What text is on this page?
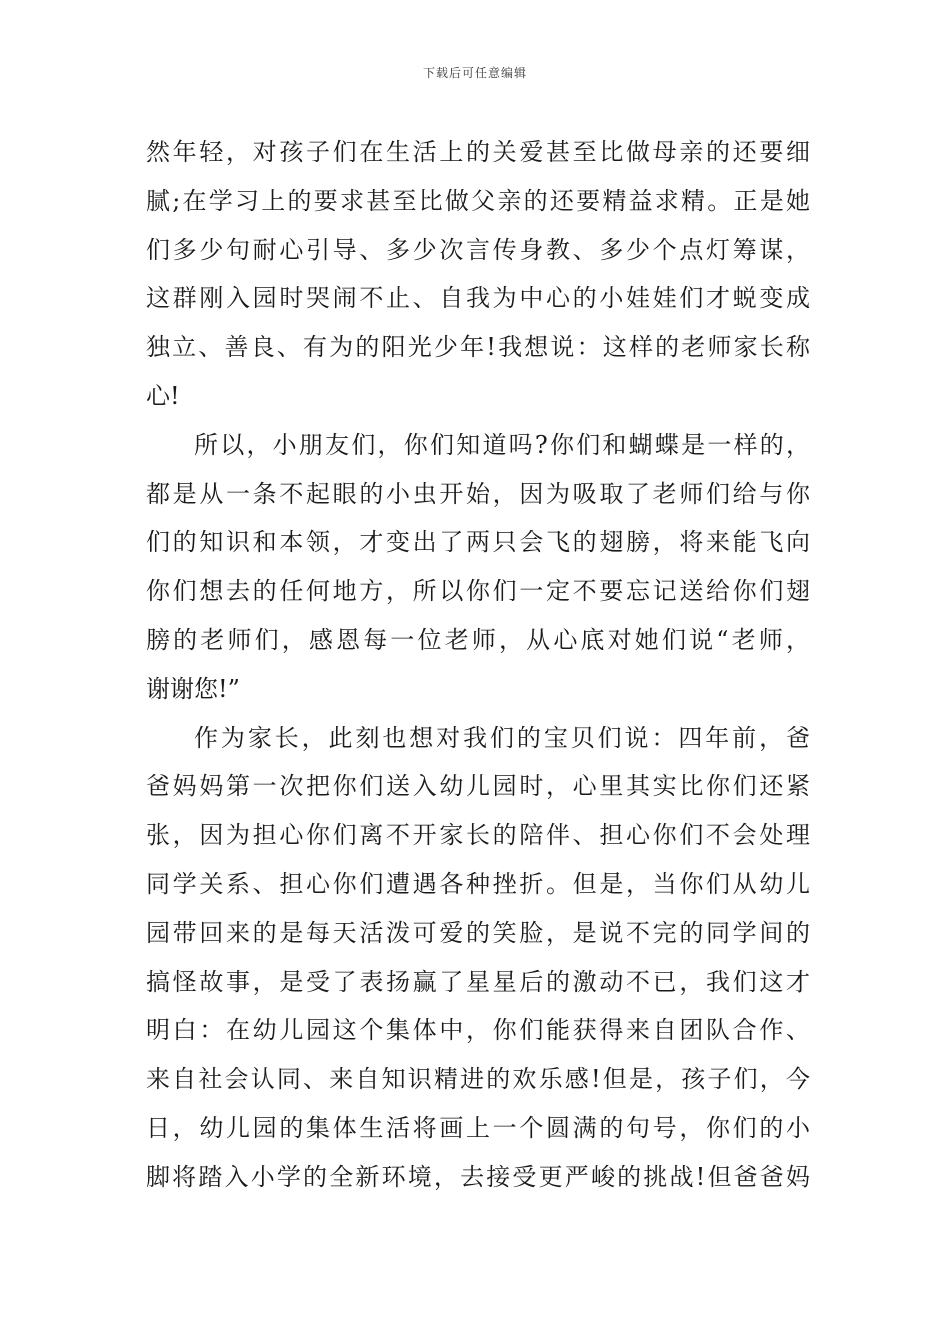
下载后可任意编辑
然年轻，对孩子们在生活上的关爱甚至比做母亲的还要细
腻;在学习上的要求甚至比做父亲的还要精益求精。正是她
们多少句耐心引导、多少次言传身教、多少个点灯筹谋，
这群刚入园时哭闹不止、自我为中心的小娃娃们才蜕变成
独立、善良、有为的阳光少年!我想说：这样的老师家长称
心!
所以，小朋友们，你们知道吗?你们和蝴蝶是一样的，
都是从一条不起眼的小虫开始，因为吸取了老师们给与你
们的知识和本领，才变出了两只会飞的翅膀，将来能飞向
你们想去的任何地方，所以你们一定不要忘记送给你们翅
膀的老师们，感恩每一位老师，从心底对她们说“老师，
谢谢您!”
作为家长，此刻也想对我们的宝贝们说：四年前，爸
爸妈妈第一次把你们送入幼儿园时，心里其实比你们还紧
张，因为担心你们离不开家长的陪伴、担心你们不会处理
同学关系、担心你们遭遇各种挫折。但是，当你们从幼儿
园带回来的是每天活泼可爱的笑脸，是说不完的同学间的
搞怪故事，是受了表扬赢了星星后的激动不已，我们这才
明白：在幼儿园这个集体中，你们能获得来自团队合作、
来自社会认同、来自知识精进的欢乐感!但是，孩子们，今
日，幼儿园的集体生活将画上一个圆满的句号，你们的小
脚将踏入小学的全新环境，去接受更严峻的挑战!但爸爸妈
